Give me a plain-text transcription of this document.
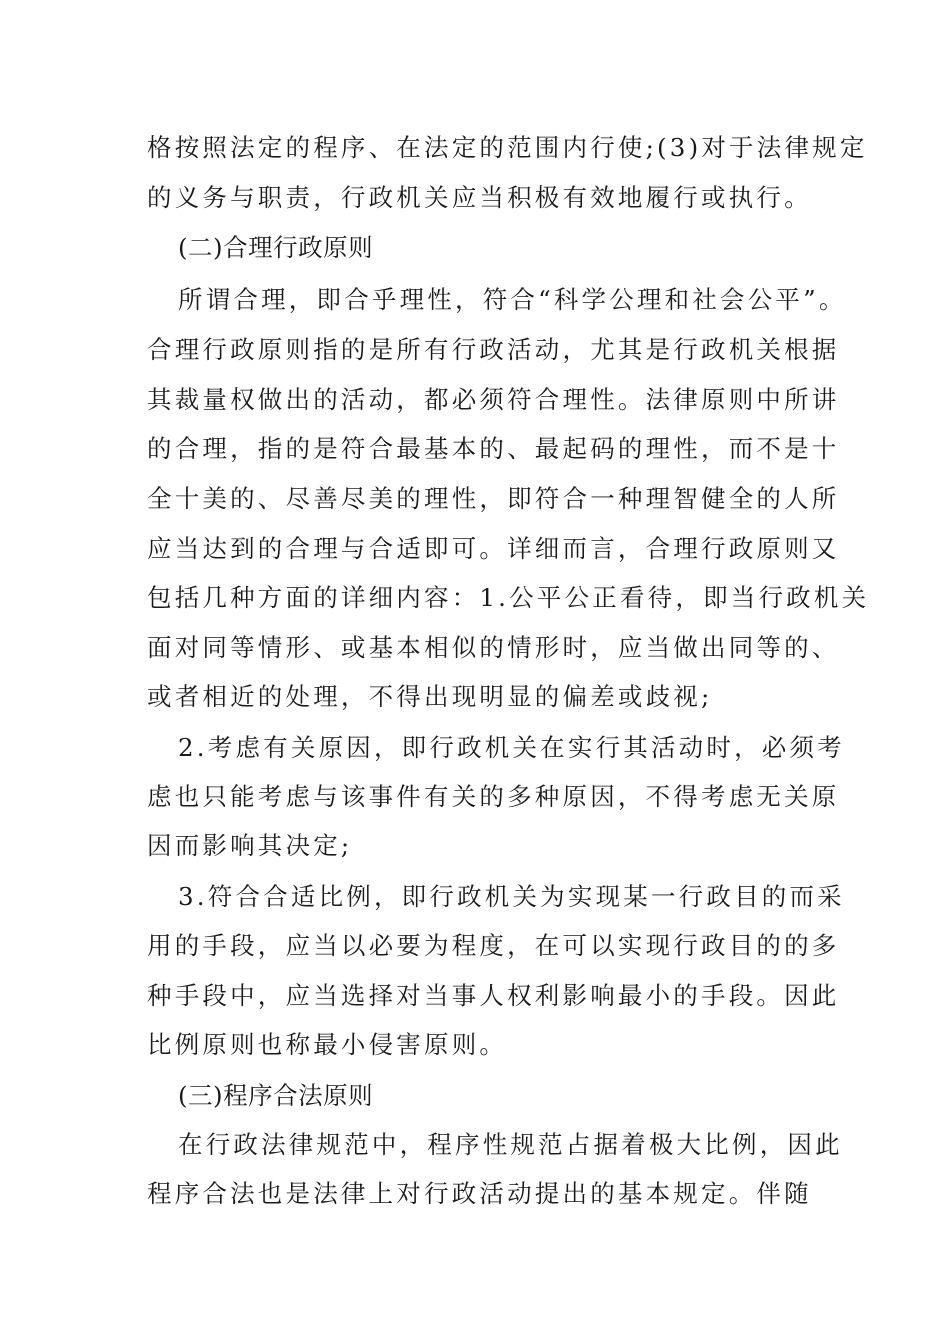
格按照法定的程序、在法定的范围内行使;(3)对于法律规定
的义务与职责，行政机关应当积极有效地履行或执行。
(二)合理行政原则
所谓合理，即合乎理性，符合“科学公理和社会公平”。
合理行政原则指的是所有行政活动，尤其是行政机关根据
其裁量权做出的活动，都必须符合理性。法律原则中所讲
的合理，指的是符合最基本的、最起码的理性，而不是十
全十美的、尽善尽美的理性，即符合一种理智健全的人所
应当达到的合理与合适即可。详细而言，合理行政原则又
包括几种方面的详细内容：1.公平公正看待，即当行政机关
面对同等情形、或基本相似的情形时，应当做出同等的、
或者相近的处理，不得出现明显的偏差或歧视;
2.考虑有关原因，即行政机关在实行其活动时，必须考
虑也只能考虑与该事件有关的多种原因，不得考虑无关原
因而影响其决定;
3.符合合适比例，即行政机关为实现某一行政目的而采
用的手段，应当以必要为程度，在可以实现行政目的的多
种手段中，应当选择对当事人权利影响最小的手段。因此
比例原则也称最小侵害原则。
(三)程序合法原则
在行政法律规范中，程序性规范占据着极大比例，因此
程序合法也是法律上对行政活动提出的基本规定。伴随
